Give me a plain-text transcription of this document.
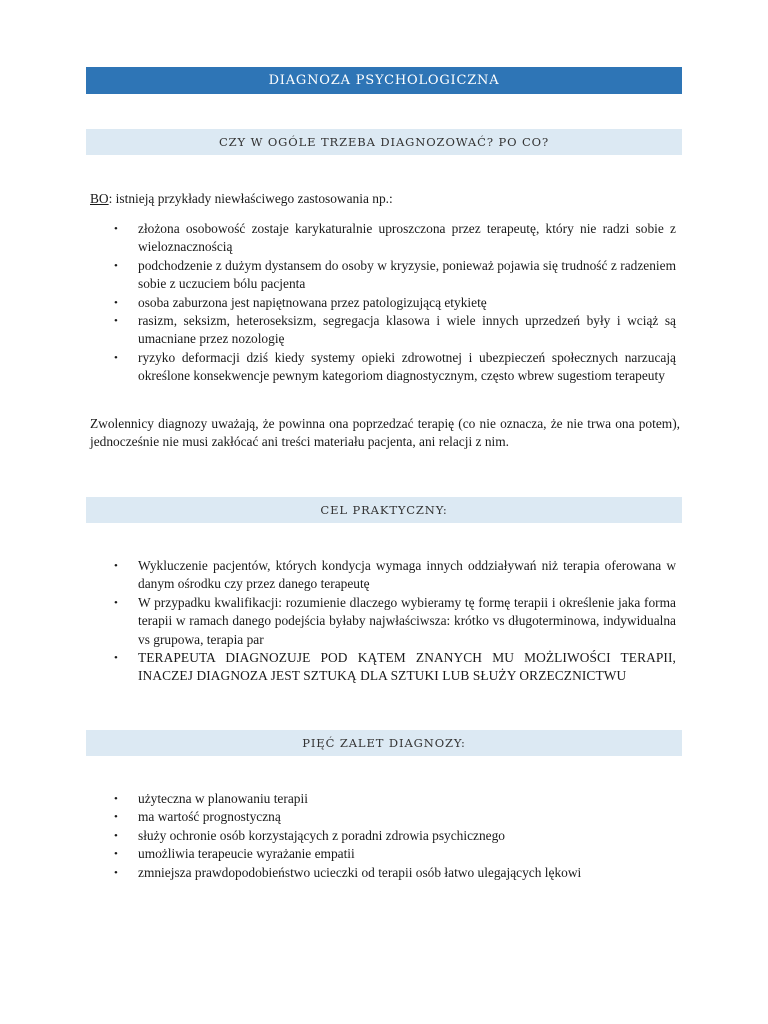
DIAGNOZA PSYCHOLOGICZNA
CZY W OGÓLE TRZEBA DIAGNOZOWAĆ? PO CO?
BO: istnieją przykłady niewłaściwego zastosowania np.:
• złożona osobowość zostaje karykaturalnie uproszczona przez terapeutę, który nie radzi sobie z wieloznacznością
• podchodzenie z dużym dystansem do osoby w kryzysie, ponieważ pojawia się trudność z radzeniem sobie z uczuciem bólu pacjenta
• osoba zaburzona jest napiętnowana przez patologizującą etykietę
• rasizm, seksizm, heteroseksizm, segregacja klasowa i wiele innych uprzedzeń były i wciąż są umacniane przez nozologię
• ryzyko deformacji dziś kiedy systemy opieki zdrowotnej i ubezpieczeń społecznych narzucają określone konsekwencje pewnym kategoriom diagnostycznym, często wbrew sugestiom terapeuty
Zwolennicy diagnozy uważają, że powinna ona poprzedzać terapię (co nie oznacza, że nie trwa ona potem), jednocześnie nie musi zakłócać ani treści materiału pacjenta, ani relacji z nim.
CEL PRAKTYCZNY:
• Wykluczenie pacjentów, których kondycja wymaga innych oddziaływań niż terapia oferowana w danym ośrodku czy przez danego terapeutę
• W przypadku kwalifikacji: rozumienie dlaczego wybieramy tę formę terapii i określenie jaka forma terapii w ramach danego podejścia byłaby najwłaściwsza: krótko vs długoterminowa, indywidualna vs grupowa, terapia par
• TERAPEUTA DIAGNOZUJE POD KĄTEM ZNANYCH MU MOŻLIWOŚCI TERAPII, INACZEJ DIAGNOZA JEST SZTUKĄ DLA SZTUKI LUB SŁUŻY ORZECZNICTWU
PIĘĆ ZALET DIAGNOZY:
• użyteczna w planowaniu terapii
• ma wartość prognostyczną
• służy ochronie osób korzystających z poradni zdrowia psychicznego
• umożliwia terapeucie wyrażanie empatii
• zmniejsza prawdopodobieństwo ucieczki od terapii osób łatwo ulegających lękowi
